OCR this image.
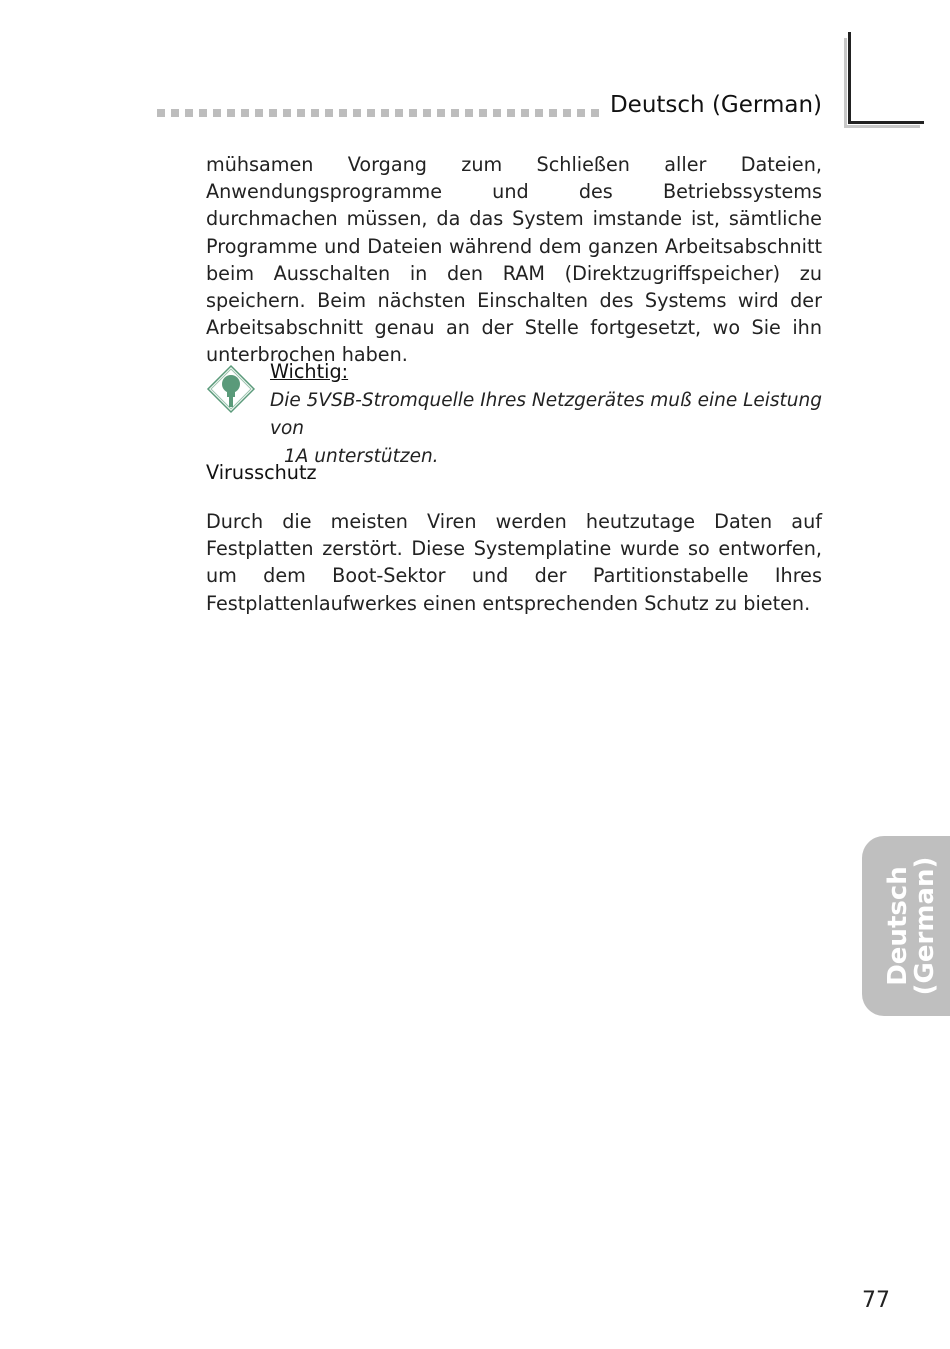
Deutsch (German)
mühsamen Vorgang zum Schließen aller Dateien, Anwendungsprogramme und des Betriebssystems durchmachen müssen, da das System imstande ist, sämtliche Programme und Dateien während dem ganzen Arbeitsabschnitt beim Ausschalten in den RAM (Direktzugriffspeicher) zu speichern. Beim nächsten Einschalten des Systems wird der Arbeitsabschnitt genau an der Stelle fortgesetzt, wo Sie ihn unterbrochen haben.
Wichtig:
Die 5VSB-Stromquelle Ihres Netzgerätes muß eine Leistung von
1A unterstützen.
Virusschutz
Durch die meisten Viren werden heutzutage Daten auf Festplatten zerstört. Diese Systemplatine wurde so entworfen, um dem Boot-Sektor und der Partitionstabelle Ihres Festplattenlaufwerkes einen entsprechenden Schutz zu bieten.
Deutsch
(German)
77
